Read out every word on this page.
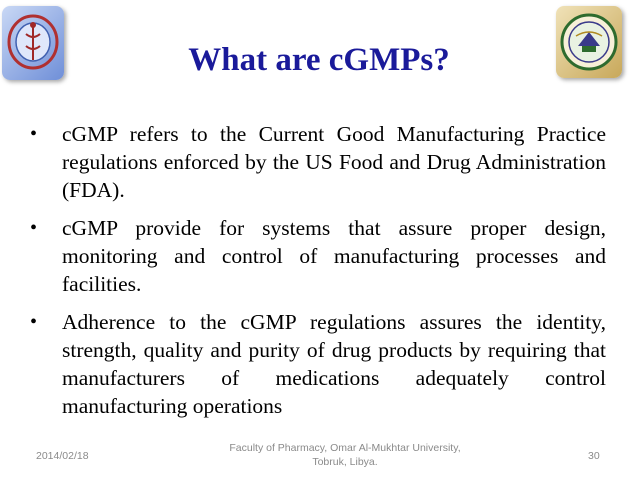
What are cGMPs?
• cGMP refers to the Current Good Manufacturing Practice regulations enforced by the US Food and Drug Administration (FDA).
• cGMP provide for systems that assure proper design, monitoring and control of manufacturing processes and facilities.
• Adherence to the cGMP regulations assures the identity, strength, quality and purity of drug products by requiring that manufacturers of medications adequately control manufacturing operations
2014/02/18
Faculty of Pharmacy, Omar Al-Mukhtar University,
Tobruk, Libya.	30
